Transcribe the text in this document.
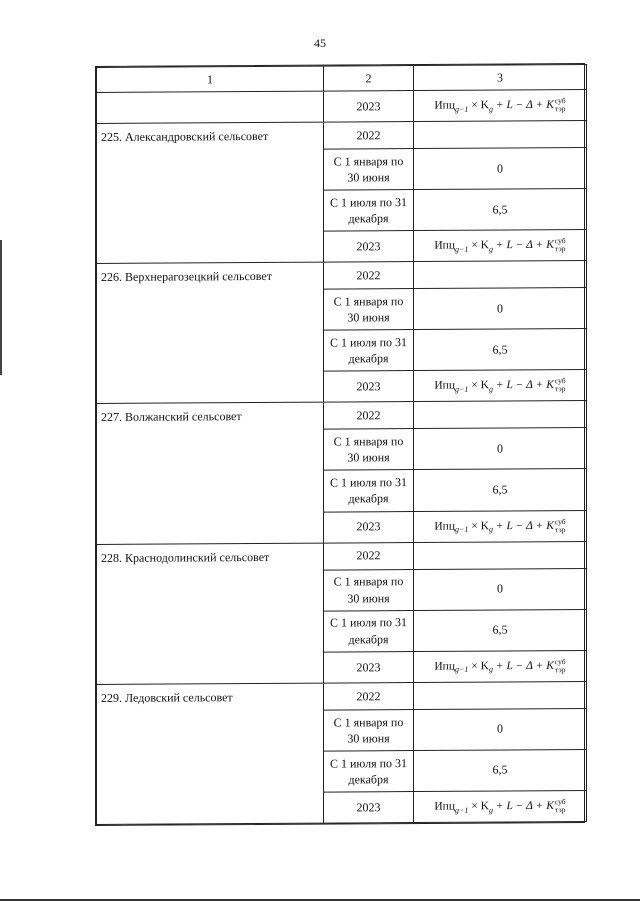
45
1	2	3
	2023	$Ипц_{g-1} \times K_g + L - \Delta + K$ суб
тэр

225. Александровский сельсовет	2022	
	С 1 января по 30 июня	0
	С 1 июля по 31 декабря	6,5
	2023	$Ипц_{g-1} \times K_g + L - \Delta + K$ суб
тэр

226. Верхнерагозецкий сельсовет	2022	
	С 1 января по 30 июня	0
	С 1 июля по 31 декабря	6,5
	2023	$Ипц_{g-1} \times K_g + L - \Delta + K$ суб
тэр

227. Волжанский сельсовет	2022	
	С 1 января по 30 июня	0
	С 1 июля по 31 декабря	6,5
	2023	$Ипц_{g-1} \times K_g + L - \Delta + K$ суб
тэр

228. Краснодолинский сельсовет	2022	
	С 1 января по 30 июня	0
	С 1 июля по 31 декабря	6,5
	2023	$Ипц_{g-1} \times K_g + L - \Delta + K$ суб
тэр

229. Ледовский сельсовет	2022	
	С 1 января по 30 июня	0
	С 1 июля по 31 декабря	6,5
	2023	$Ипц_{g-1} \times K_g + L - \Delta + K$ суб
тэр
